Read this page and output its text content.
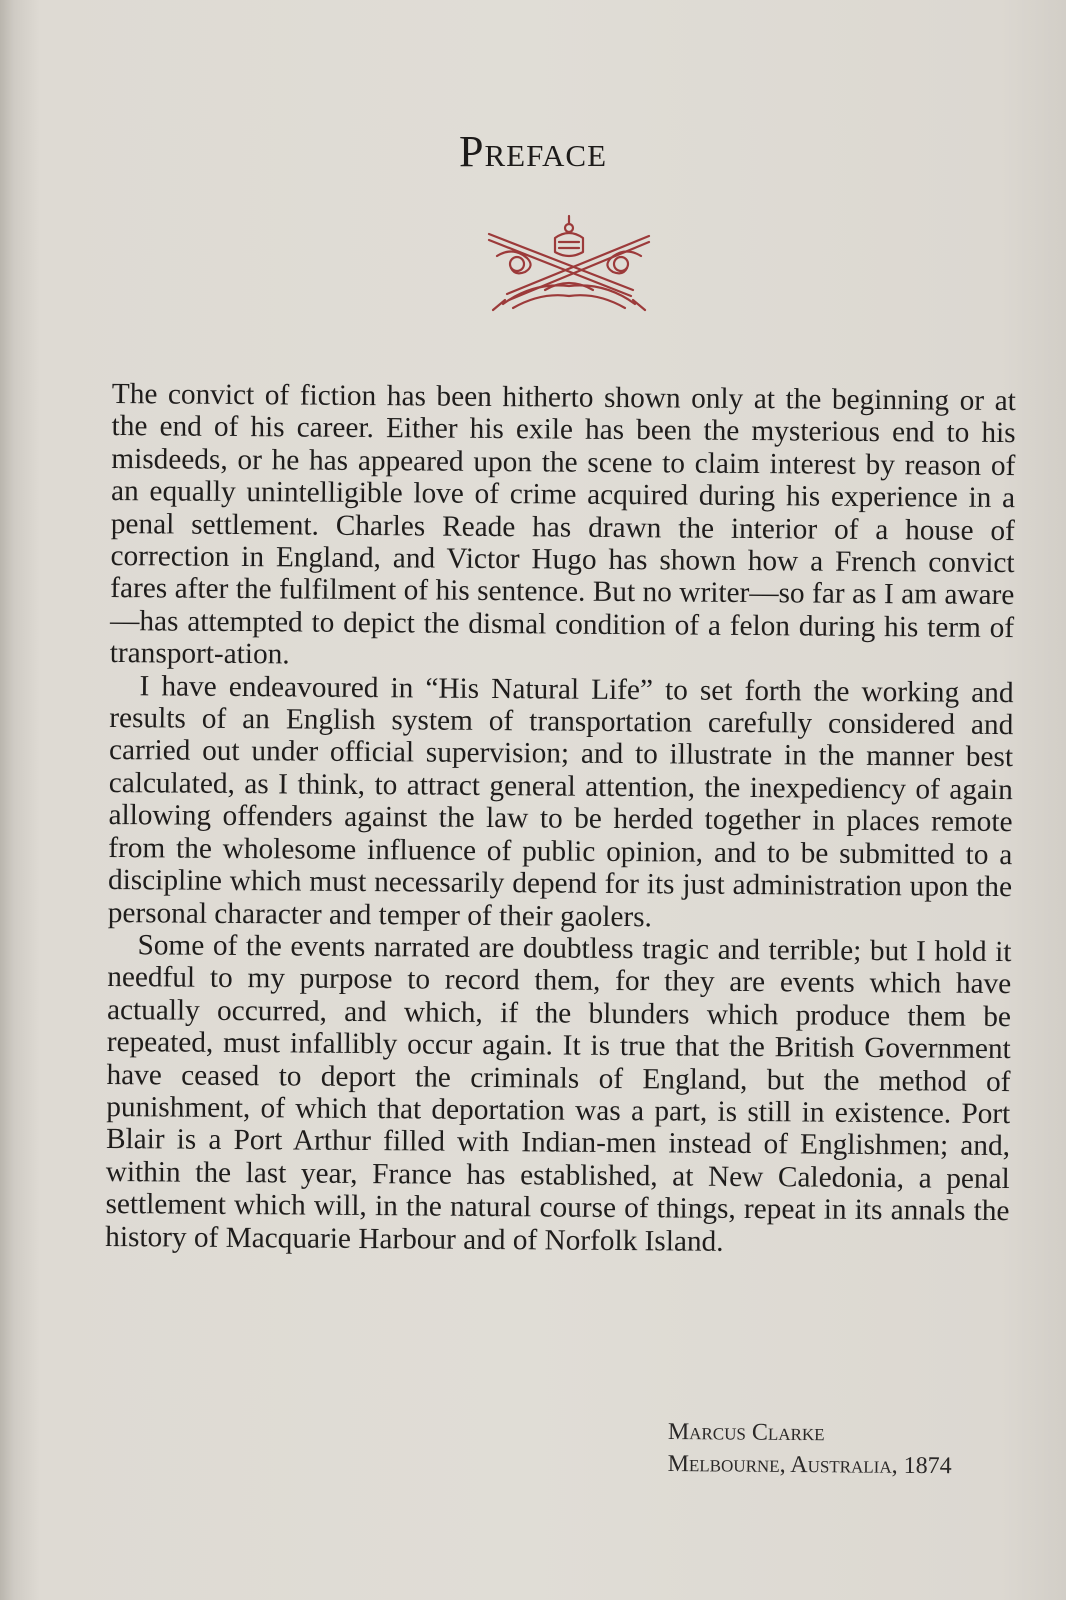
Preface

The convict of fiction has been hitherto shown only at the beginning or at the end of his career. Either his exile has been the mysterious end to his misdeeds, or he has appeared upon the scene to claim interest by reason of an equally unintelligible love of crime acquired during his experience in a penal settlement. Charles Reade has drawn the interior of a house of correction in England, and Victor Hugo has shown how a French convict fares after the fulfilment of his sentence. But no writer—so far as I am aware—has attempted to depict the dismal condition of a felon during his term of transport-ation.

I have endeavoured in “His Natural Life” to set forth the working and results of an English system of transportation carefully considered and carried out under official supervision; and to illustrate in the manner best calculated, as I think, to attract general attention, the inexpediency of again allowing offenders against the law to be herded together in places remote from the wholesome influence of public opinion, and to be submitted to a discipline which must necessarily depend for its just administration upon the personal character and temper of their gaolers.

Some of the events narrated are doubtless tragic and terrible; but I hold it needful to my purpose to record them, for they are events which have actually occurred, and which, if the blunders which produce them be repeated, must infallibly occur again. It is true that the British Government have ceased to deport the criminals of England, but the method of punishment, of which that deportation was a part, is still in existence. Port Blair is a Port Arthur filled with Indian-men instead of Englishmen; and, within the last year, France has established, at New Caledonia, a penal settlement which will, in the natural course of things, repeat in its annals the history of Macquarie Harbour and of Norfolk Island.

Marcus Clarke
Melbourne, Australia, 1874
